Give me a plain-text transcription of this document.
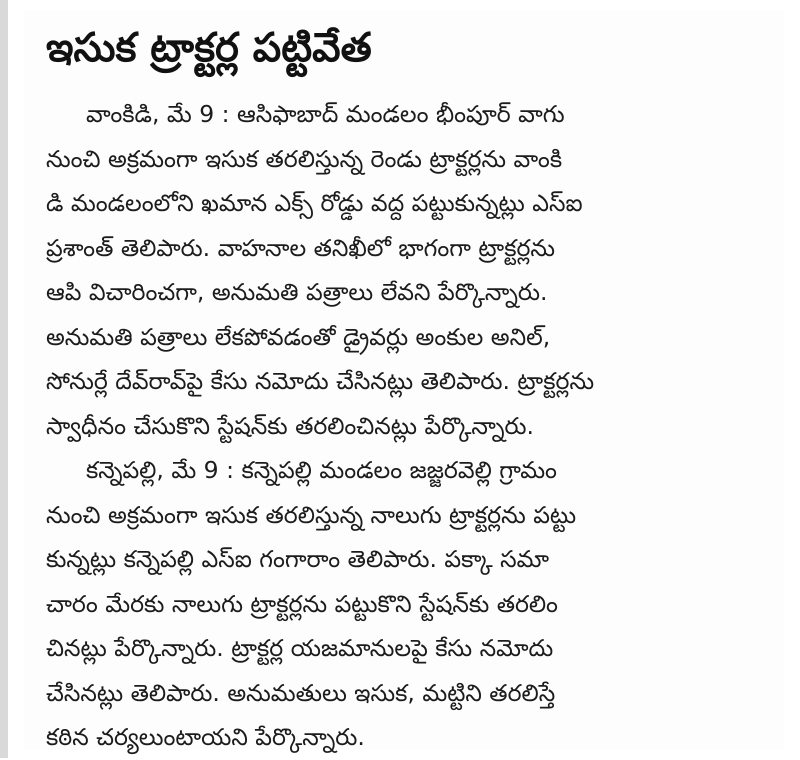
ఇసుక ట్రాక్టర్ల పట్టివేత

వాంకిడి, మే 9 : ఆసిఫాబాద్ మండలం భీంపూర్ వాగు

నుంచి అక్రమంగా ఇసుక తరలిస్తున్న రెండు ట్రాక్టర్లను వాంకి

డి మండలంలోని ఖమాన ఎక్స్ రోడ్డు వద్ద పట్టుకున్నట్లు ఎస్ఐ

ప్రశాంత్ తెలిపారు. వాహనాల తనిఖీలో భాగంగా ట్రాక్టర్లను

ఆపి విచారించగా, అనుమతి పత్రాలు లేవని పేర్కొన్నారు.

అనుమతి పత్రాలు లేకపోవడంతో డ్రైవర్లు అంకుల అనిల్,

సోనుర్లే దేవ్‌రావ్‌పై కేసు నమోదు చేసినట్లు తెలిపారు. ట్రాక్టర్లను

స్వాధీనం చేసుకొని స్టేషన్‌కు తరలించినట్లు పేర్కొన్నారు.

కన్నెపల్లి, మే 9 : కన్నెపల్లి మండలం జజ్జరవెల్లి గ్రామం

నుంచి అక్రమంగా ఇసుక తరలిస్తున్న నాలుగు ట్రాక్టర్లను పట్టు

కున్నట్లు కన్నెపల్లి ఎస్ఐ గంగారాం తెలిపారు. పక్కా సమా

చారం మేరకు నాలుగు ట్రాక్టర్లను పట్టుకొని స్టేషన్‌కు తరలిం

చినట్లు పేర్కొన్నారు. ట్రాక్టర్ల యజమానులపై కేసు నమోదు

చేసినట్లు తెలిపారు. అనుమతులు ఇసుక, మట్టిని తరలిస్తే

కఠిన చర్యలుంటాయని పేర్కొన్నారు.
